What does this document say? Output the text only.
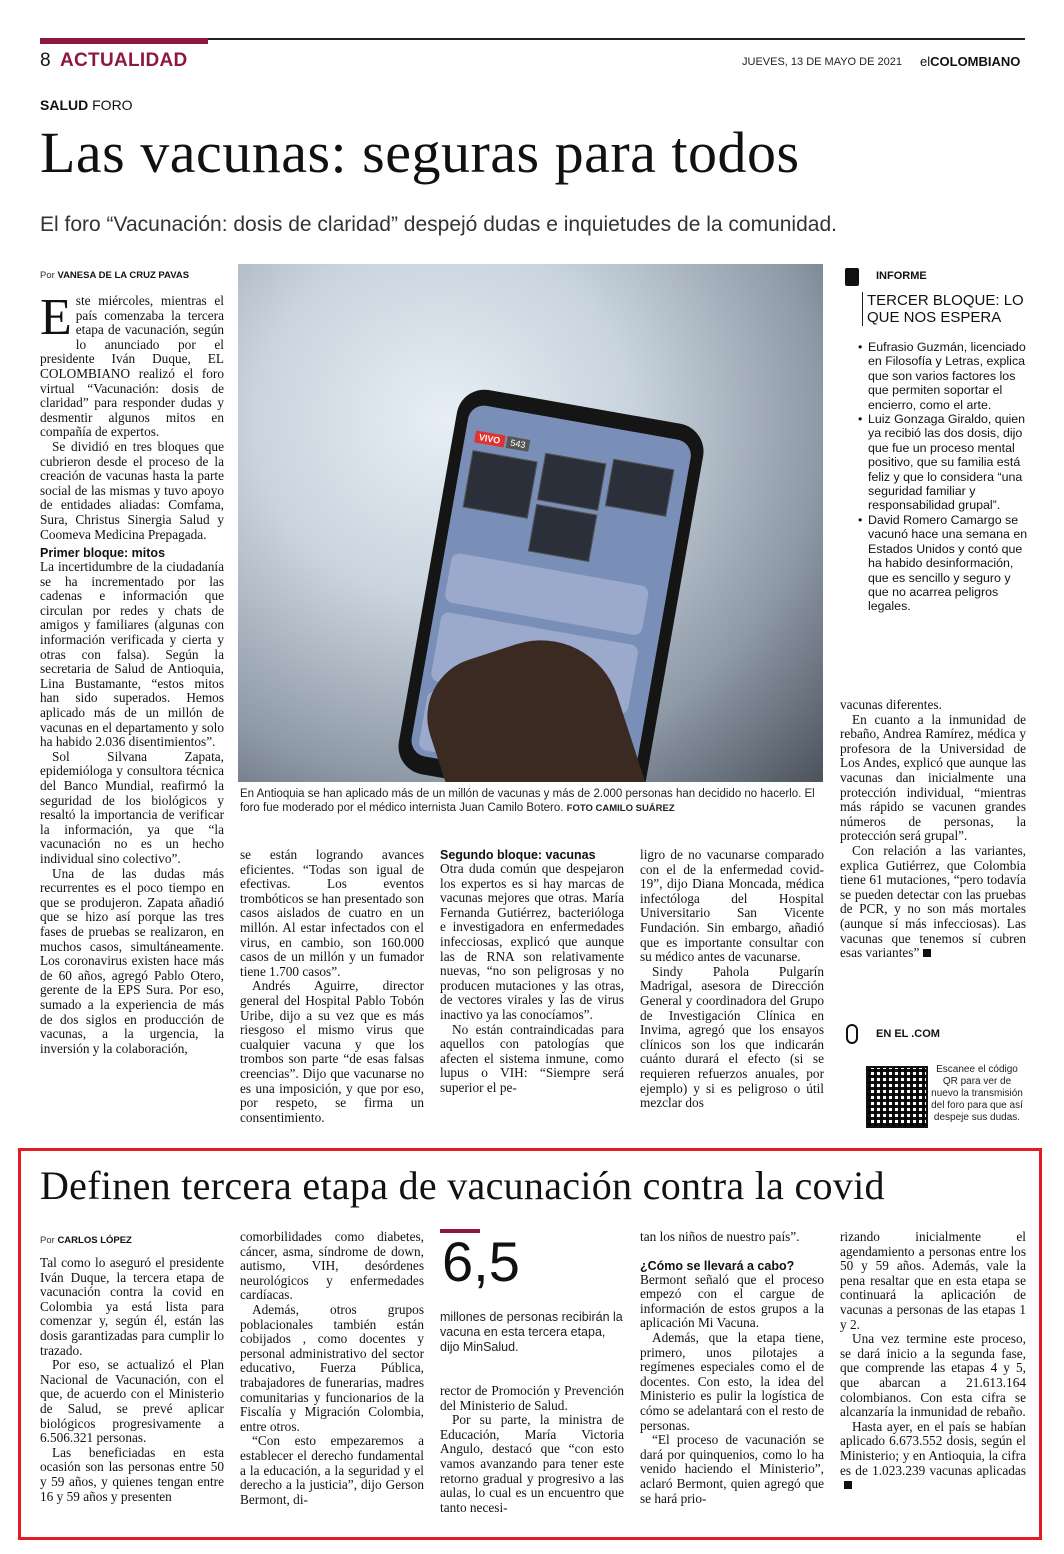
8 ACTUALIDAD	JUEVES, 13 DE MAYO DE 2021 elCOLOMBIANO
SALUD FORO
Las vacunas: seguras para todos
El foro “Vacunación: dosis de claridad” despejó dudas e inquietudes de la comunidad.
Por VANESA DE LA CRUZ PAVAS

Este miércoles, mientras el país comenzaba la tercera etapa de vacunación, según lo anunciado por el presidente Iván Duque, EL COLOMBIANO realizó el foro virtual “Vacunación: dosis de claridad” para responder dudas y desmentir algunos mitos en compañía de expertos.

Se dividió en tres bloques que cubrieron desde el proceso de la creación de vacunas hasta la parte social de las mismas y tuvo apoyo de entidades aliadas: Comfama, Sura, Christus Sinergia Salud y Coomeva Medicina Prepagada.

Primer bloque: mitos

La incertidumbre de la ciudadanía se ha incrementado por las cadenas e información que circulan por redes y chats de amigos y familiares (algunas con información verificada y cierta y otras con falsa). Según la secretaria de Salud de Antioquia, Lina Bustamante, “estos mitos han sido superados. Hemos aplicado más de un millón de vacunas en el departamento y solo ha habido 2.036 disentimientos”.

Sol Silvana Zapata, epidemióloga y consultora técnica del Banco Mundial, reafirmó la seguridad de los biológicos y resaltó la importancia de verificar la información, ya que “la vacunación no es un hecho individual sino colectivo”.

Una de las dudas más recurrentes es el poco tiempo en que se produjeron. Zapata añadió que se hizo así porque las tres fases de pruebas se realizaron, en muchos casos, simultáneamente. Los coronavirus existen hace más de 60 años, agregó Pablo Otero, gerente de la EPS Sura. Por eso, sumado a la experiencia de más de dos siglos en producción de vacunas, a la urgencia, la inversión y la colaboración,

VIVO 543
En Antioquia se han aplicado más de un millón de vacunas y más de 2.000 personas han decidido no hacerlo. El foro fue moderado por el médico internista Juan Camilo Botero. FOTO CAMILO SUÁREZ

se están logrando avances eficientes. “Todas son igual de efectivas. Los eventos trombóticos se han presentado son casos aislados de cuatro en un millón. Al estar infectados con el virus, en cambio, son 160.000 casos de un millón y un fumador tiene 1.700 casos”.

Andrés Aguirre, director general del Hospital Pablo Tobón Uribe, dijo a su vez que es más riesgoso el mismo virus que cualquier vacuna y que los trombos son parte “de esas falsas creencias”. Dijo que vacunarse no es una imposición, y que por eso, por respeto, se firma un consentimiento.

Segundo bloque: vacunas

Otra duda común que despejaron los expertos es si hay marcas de vacunas mejores que otras. María Fernanda Gutiérrez, bacterióloga e investigadora en enfermedades infecciosas, explicó que aunque las de RNA son relativamente nuevas, “no son peligrosas y no producen mutaciones y las otras, de vectores virales y las de virus inactivo ya las conocíamos”.

No están contraindicadas para aquellos con patologías que afecten el sistema inmune, como lupus o VIH: “Siempre será superior el pe-

ligro de no vacunarse comparado con el de la enfermedad covid-19”, dijo Diana Moncada, médica infectóloga del Hospital Universitario San Vicente Fundación. Sin embargo, añadió que es importante consultar con su médico antes de vacunarse.

Sindy Pahola Pulgarín Madrigal, asesora de Dirección General y coordinadora del Grupo de Investigación Clínica en Invima, agregó que los ensayos clínicos son los que indicarán cuánto durará el efecto (si se requieren refuerzos anuales, por ejemplo) y si es peligroso o útil mezclar dos

INFORME
TERCER BLOQUE: LO QUE NOS ESPERA
• Eufrasio Guzmán, licenciado en Filosofía y Letras, explica que son varios factores los que permiten soportar el encierro, como el arte.
• Luiz Gonzaga Giraldo, quien ya recibió las dos dosis, dijo que fue un proceso mental positivo, que su familia está feliz y que lo considera “una seguridad familiar y responsabilidad grupal”.
• David Romero Camargo se vacunó hace una semana en Estados Unidos y contó que ha habido desinformación, que es sencillo y seguro y que no acarrea peligros legales.

vacunas diferentes.

En cuanto a la inmunidad de rebaño, Andrea Ramírez, médica y profesora de la Universidad de Los Andes, explicó que aunque las vacunas dan inicialmente una protección individual, “mientras más rápido se vacunen grandes números de personas, la protección será grupal”.

Con relación a las variantes, explica Gutiérrez, que Colombia tiene 61 mutaciones, “pero todavía se pueden detectar con las pruebas de PCR, y no son más mortales (aunque sí más infecciosas). Las vacunas que tenemos sí cubren esas variantes”

EN EL .COM
Escanee el código QR para ver de nuevo la transmisión del foro para que así despeje sus dudas.
Definen tercera etapa de vacunación contra la covid
Por CARLOS LÓPEZ

Tal como lo aseguró el presidente Iván Duque, la tercera etapa de vacunación contra la covid en Colombia ya está lista para comenzar y, según él, están las dosis garantizadas para cumplir lo trazado.

Por eso, se actualizó el Plan Nacional de Vacunación, con el que, de acuerdo con el Ministerio de Salud, se prevé aplicar biológicos progresivamente a 6.506.321 personas.

Las beneficiadas en esta ocasión son las personas entre 50 y 59 años, y quienes tengan entre 16 y 59 años y presenten

comorbilidades como diabetes, cáncer, asma, síndrome de down, autismo, VIH, desórdenes neurológicos y enfermedades cardíacas.

Además, otros grupos poblacionales también están cobijados , como docentes y personal administrativo del sector educativo, Fuerza Pública, trabajadores de funerarias, madres comunitarias y funcionarios de la Fiscalía y Migración Colombia, entre otros.

“Con esto empezaremos a establecer el derecho fundamental a la educación, a la seguridad y el derecho a la justicia”, dijo Gerson Bermont, di-

6,5
millones de personas recibirán la vacuna en esta tercera etapa, dijo MinSalud.

rector de Promoción y Prevención del Ministerio de Salud.

Por su parte, la ministra de Educación, María Victoria Angulo, destacó que “con esto vamos avanzando para tener este retorno gradual y progresivo a las aulas, lo cual es un encuentro que tanto necesi-

tan los niños de nuestro país”.

¿Cómo se llevará a cabo?

Bermont señaló que el proceso empezó con el cargue de información de estos grupos a la aplicación Mi Vacuna.

Además, que la etapa tiene, primero, unos pilotajes a regímenes especiales como el de docentes. Con esto, la idea del Ministerio es pulir la logística de cómo se adelantará con el resto de personas.

“El proceso de vacunación se dará por quinquenios, como lo ha venido haciendo el Ministerio”, aclaró Bermont, quien agregó que se hará prio-

rizando inicialmente el agendamiento a personas entre los 50 y 59 años. Además, vale la pena resaltar que en esta etapa se continuará la aplicación de vacunas a personas de las etapas 1 y 2.

Una vez termine este proceso, se dará inicio a la segunda fase, que comprende las etapas 4 y 5, que abarcan a 21.613.164 colombianos. Con esta cifra se alcanzaría la inmunidad de rebaño.

Hasta ayer, en el país se habían aplicado 6.673.552 dosis, según el Ministerio; y en Antioquia, la cifra es de 1.023.239 vacunas aplicadas
